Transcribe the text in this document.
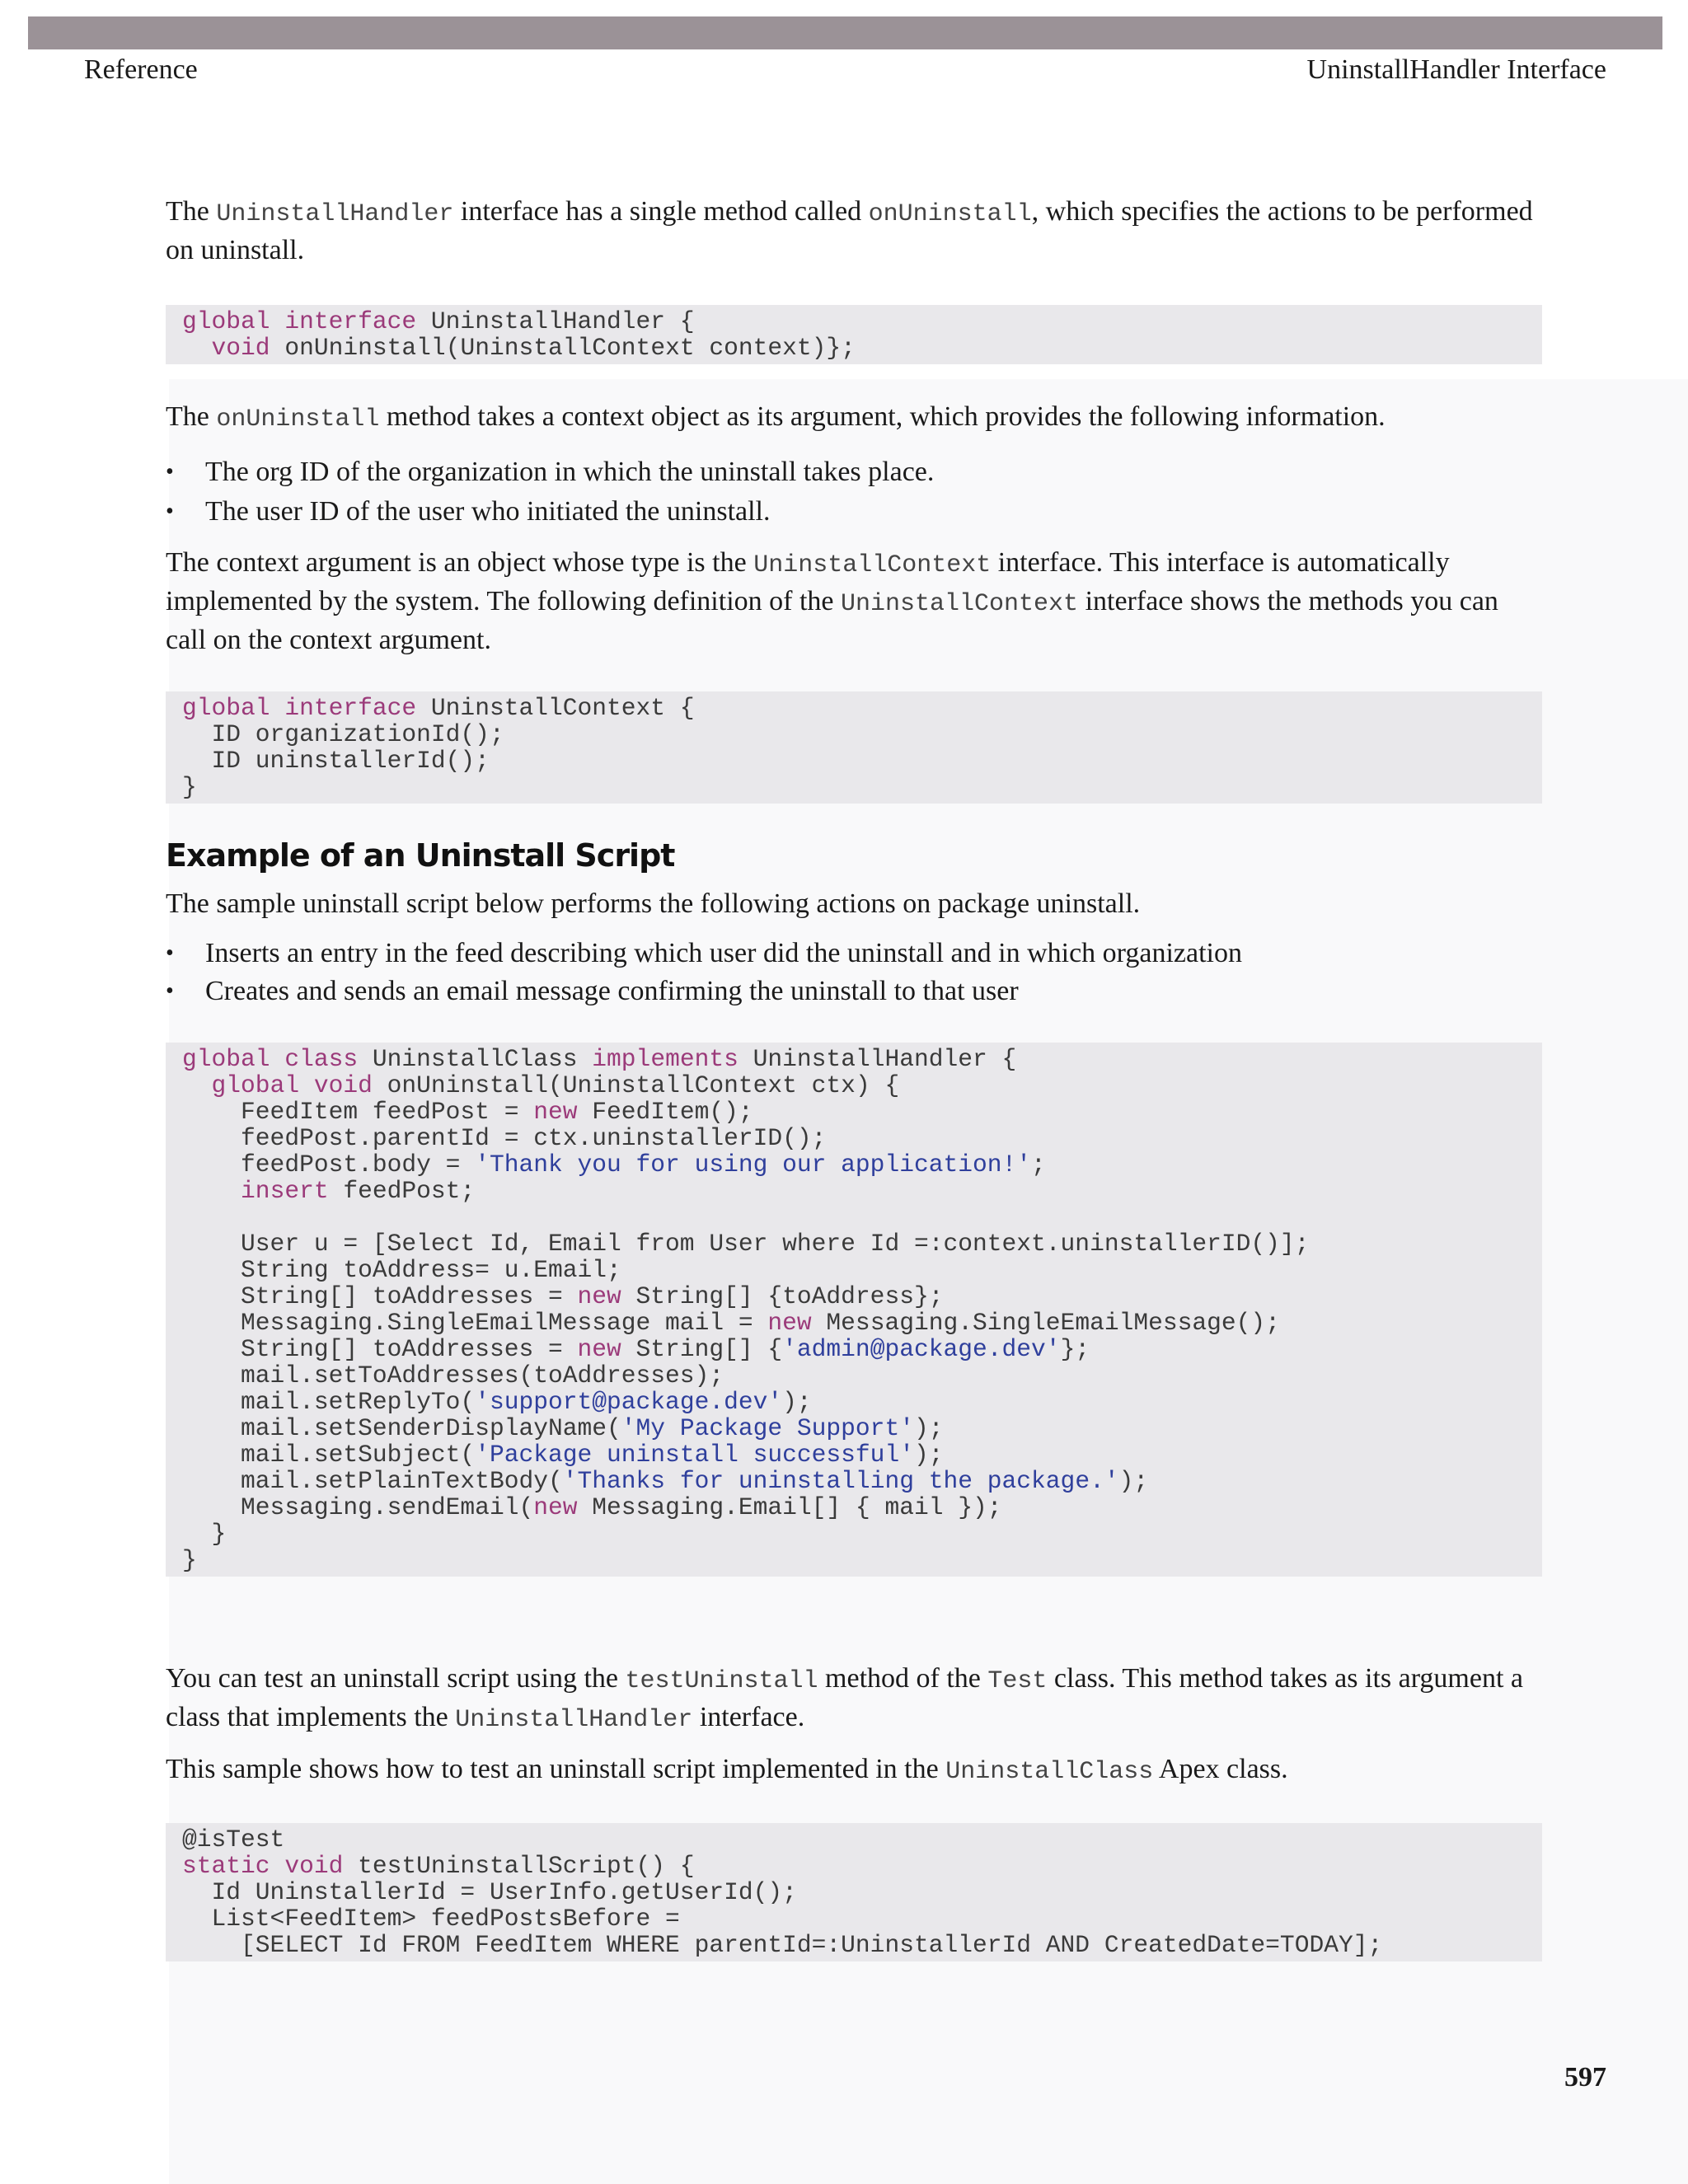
Reference	UninstallHandler Interface

The UninstallHandler interface has a single method called onUninstall, which specifies the actions to be performed on uninstall.

global interface UninstallHandler {
void onUninstall(UninstallContext context)};

The onUninstall method takes a context object as its argument, which provides the following information.

• The org ID of the organization in which the uninstall takes place.
• The user ID of the user who initiated the uninstall.

The context argument is an object whose type is the UninstallContext interface. This interface is automatically implemented by the system. The following definition of the UninstallContext interface shows the methods you can call on the context argument.

global interface UninstallContext {
ID organizationId();
ID uninstallerId();
}
Example of an Uninstall Script

The sample uninstall script below performs the following actions on package uninstall.

• Inserts an entry in the feed describing which user did the uninstall and in which organization
• Creates and sends an email message confirming the uninstall to that user
global class UninstallClass implements UninstallHandler {
global void onUninstall(UninstallContext ctx) {
FeedItem feedPost = new FeedItem();
feedPost.parentId = ctx.uninstallerID();
feedPost.body = 'Thank you for using our application!';
insert feedPost;

User u = [Select Id, Email from User where Id =:context.uninstallerID()];
String toAddress= u.Email;
String[] toAddresses = new String[] {toAddress};
Messaging.SingleEmailMessage mail = new Messaging.SingleEmailMessage();
String[] toAddresses = new String[] {'admin@package.dev'};
mail.setToAddresses(toAddresses);
mail.setReplyTo('support@package.dev');
mail.setSenderDisplayName('My Package Support');
mail.setSubject('Package uninstall successful');
mail.setPlainTextBody('Thanks for uninstalling the package.');
Messaging.sendEmail(new Messaging.Email[] { mail });
}
}

You can test an uninstall script using the testUninstall method of the Test class. This method takes as its argument a class that implements the UninstallHandler interface.

This sample shows how to test an uninstall script implemented in the UninstallClass Apex class.

@isTest
static void testUninstallScript() {
Id UninstallerId = UserInfo.getUserId();
List<FeedItem> feedPostsBefore =
[SELECT Id FROM FeedItem WHERE parentId=:UninstallerId AND CreatedDate=TODAY];
597
